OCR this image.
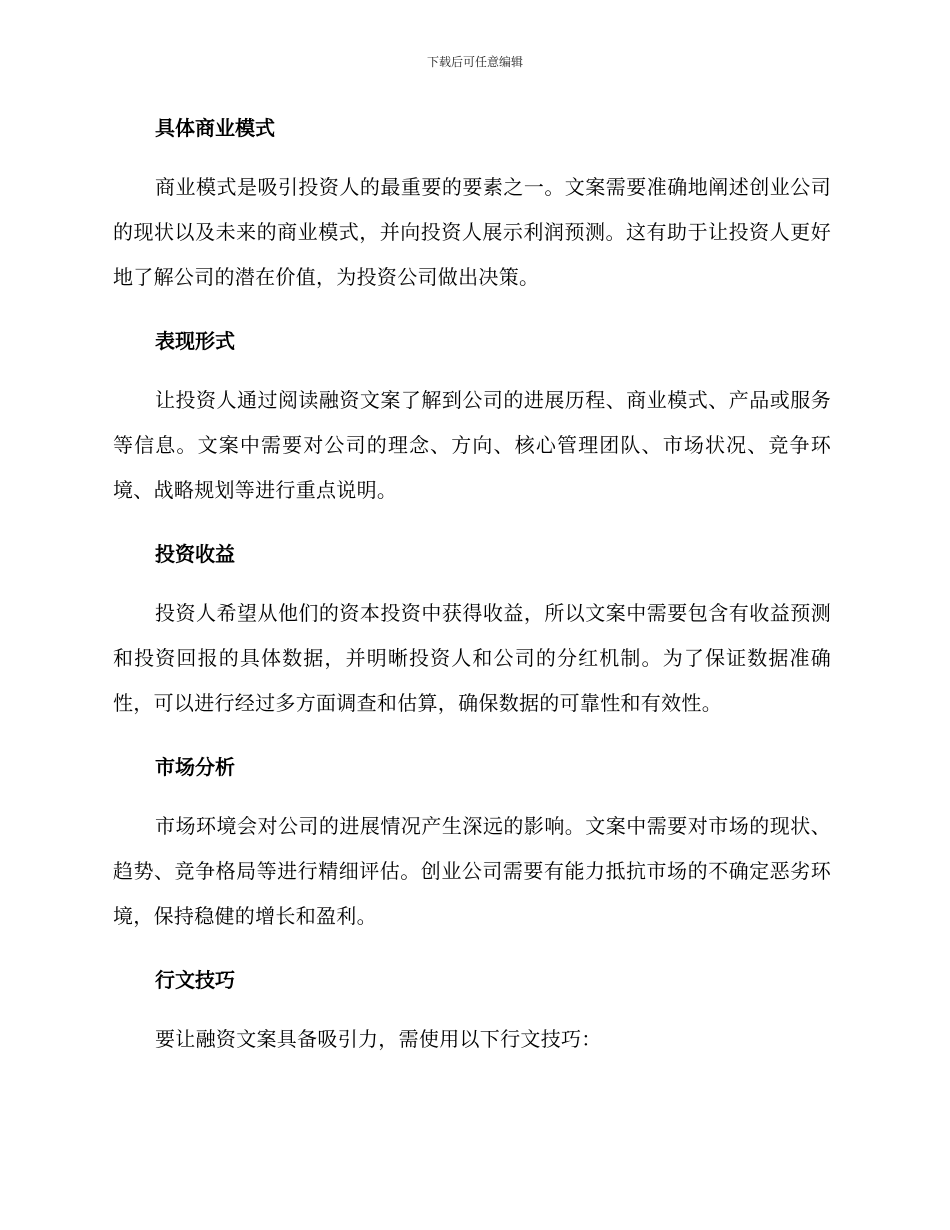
下载后可任意编辑
具体商业模式

商业模式是吸引投资人的最重要的要素之一。文案需要准确地阐述创业公司的现状以及未来的商业模式，并向投资人展示利润预测。这有助于让投资人更好地了解公司的潜在价值，为投资公司做出决策。

表现形式

让投资人通过阅读融资文案了解到公司的进展历程、商业模式、产品或服务等信息。文案中需要对公司的理念、方向、核心管理团队、市场状况、竞争环境、战略规划等进行重点说明。

投资收益

投资人希望从他们的资本投资中获得收益，所以文案中需要包含有收益预测和投资回报的具体数据，并明晰投资人和公司的分红机制。为了保证数据准确性，可以进行经过多方面调查和估算，确保数据的可靠性和有效性。

市场分析

市场环境会对公司的进展情况产生深远的影响。文案中需要对市场的现状、趋势、竞争格局等进行精细评估。创业公司需要有能力抵抗市场的不确定恶劣环境，保持稳健的增长和盈利。

行文技巧

要让融资文案具备吸引力，需使用以下行文技巧：
